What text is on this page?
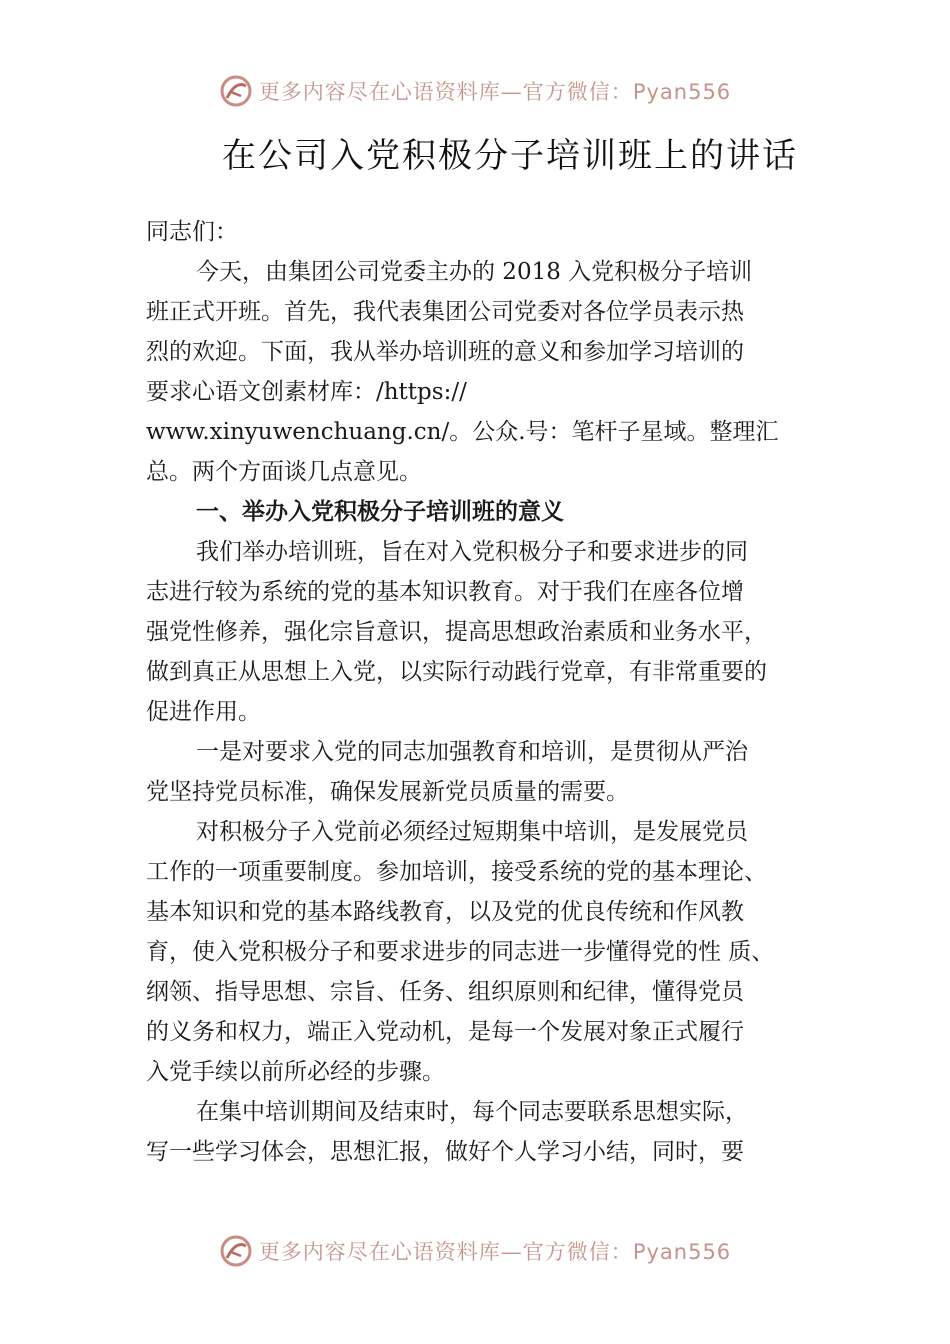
更多内容尽在心语资料库—官方微信：Pyan556
在公司入党积极分子培训班上的讲话
同志们：
今天，由集团公司党委主办的 2018 入党积极分子培训
班正式开班。首先，我代表集团公司党委对各位学员表示热
烈的欢迎。下面，我从举办培训班的意义和参加学习培训的
要求心语文创素材库：/https://
www.xinyuwenchuang.cn/。公众.号：笔杆子星域。整理汇
总。两个方面谈几点意见。
一、举办入党积极分子培训班的意义
我们举办培训班，旨在对入党积极分子和要求进步的同
志进行较为系统的党的基本知识教育。对于我们在座各位增
强党性修养，强化宗旨意识，提高思想政治素质和业务水平，
做到真正从思想上入党，以实际行动践行党章，有非常重要的
促进作用。
一是对要求入党的同志加强教育和培训，是贯彻从严治
党坚持党员标准，确保发展新党员质量的需要。
对积极分子入党前必须经过短期集中培训，是发展党员
工作的一项重要制度。参加培训，接受系统的党的基本理论、
基本知识和党的基本路线教育，以及党的优良传统和作风教
育，使入党积极分子和要求进步的同志进一步懂得党的性 质、
纲领、指导思想、宗旨、任务、组织原则和纪律，懂得党员
的义务和权力，端正入党动机，是每一个发展对象正式履行
入党手续以前所必经的步骤。
在集中培训期间及结束时，每个同志要联系思想实际，
写一些学习体会，思想汇报，做好个人学习小结，同时，要
更多内容尽在心语资料库—官方微信：Pyan556
